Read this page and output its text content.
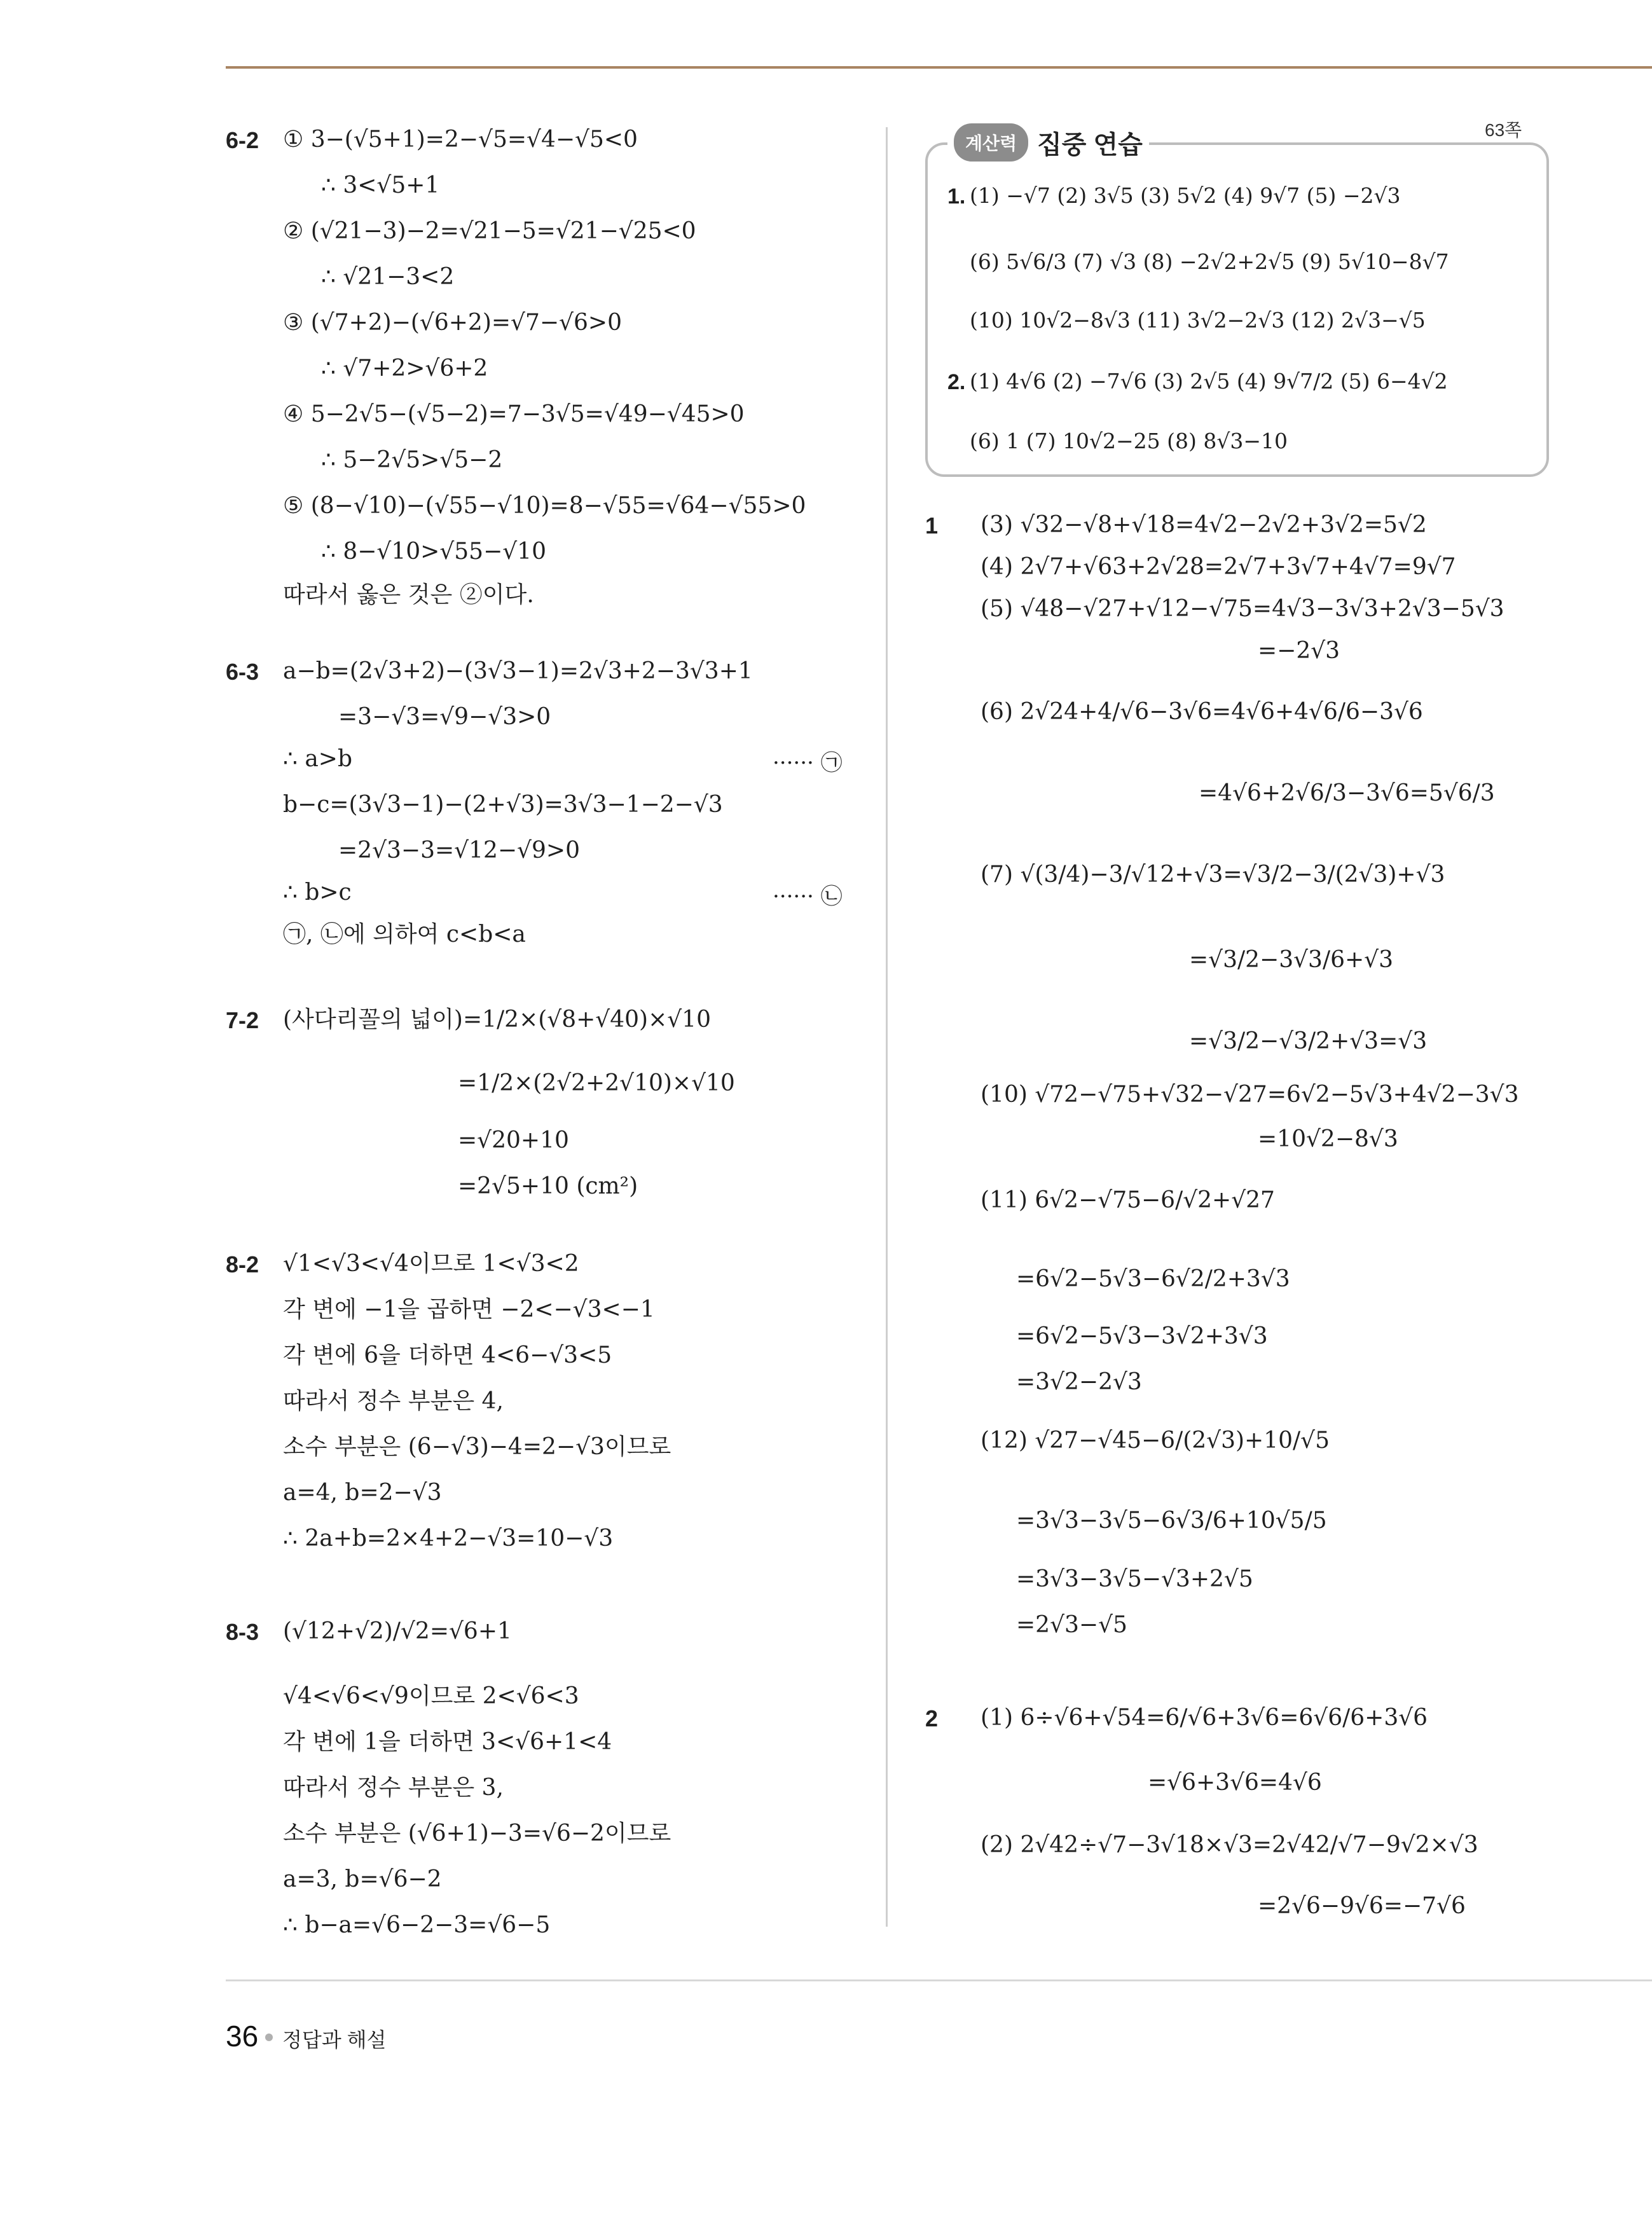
6-2 ① 3−(√5+1)=2−√5=√4−√5<0
∴ 3<√5+1
② (√21−3)−2=√21−5=√21−√25<0
∴ √21−3<2
③ (√7+2)−(√6+2)=√7−√6>0
∴ √7+2>√6+2
④ 5−2√5−(√5−2)=7−3√5=√49−√45>0
∴ 5−2√5>√5−2
⑤ (8−√10)−(√55−√10)=8−√55=√64−√55>0
∴ 8−√10>√55−√10
따라서 옳은 것은 ②이다.
6-3 a−b=(2√3+2)−(3√3−1)=2√3+2−3√3+1
=3−√3=√9−√3>0
∴ a>b	······ ㉠
b−c=(3√3−1)−(2+√3)=3√3−1−2−√3
=2√3−3=√12−√9>0
∴ b>c	······ ㉡
㉠, ㉡에 의하여 c<b<a
7-2 (사다리꼴의 넓이)=1/2×(√8+√40)×√10
=1/2×(2√2+2√10)×√10
=√20+10
=2√5+10 (cm²)
8-2 √1<√3<√4이므로 1<√3<2
각 변에 −1을 곱하면 −2<−√3<−1
각 변에 6을 더하면 4<6−√3<5
따라서 정수 부분은 4,
소수 부분은 (6−√3)−4=2−√3이므로
a=4, b=2−√3
∴ 2a+b=2×4+2−√3=10−√3
8-3 (√12+√2)/√2=√6+1
√4<√6<√9이므로 2<√6<3
각 변에 1을 더하면 3<√6+1<4
따라서 정수 부분은 3,
소수 부분은 (√6+1)−3=√6−2이므로
a=3, b=√6−2
∴ b−a=√6−2−3=√6−5
계산력 집중 연습
63쪽
1. (1) −√7 (2) 3√5 (3) 5√2 (4) 9√7 (5) −2√3
(6) 5√6/3 (7) √3 (8) −2√2+2√5 (9) 5√10−8√7
(10) 10√2−8√3 (11) 3√2−2√3 (12) 2√3−√5
2. (1) 4√6 (2) −7√6 (3) 2√5 (4) 9√7/2 (5) 6−4√2
(6) 1 (7) 10√2−25 (8) 8√3−10
1 (3) √32−√8+√18=4√2−2√2+3√2=5√2
(4) 2√7+√63+2√28=2√7+3√7+4√7=9√7
(5) √48−√27+√12−√75=4√3−3√3+2√3−5√3
=−2√3
(6) 2√24+4/√6−3√6=4√6+4√6/6−3√6
=4√6+2√6/3−3√6=5√6/3
(7) √(3/4)−3/√12+√3=√3/2−3/(2√3)+√3
=√3/2−3√3/6+√3
=√3/2−√3/2+√3=√3
(10) √72−√75+√32−√27=6√2−5√3+4√2−3√3
=10√2−8√3
(11) 6√2−√75−6/√2+√27
=6√2−5√3−6√2/2+3√3
=6√2−5√3−3√2+3√3
=3√2−2√3
(12) √27−√45−6/(2√3)+10/√5
=3√3−3√5−6√3/6+10√5/5
=3√3−3√5−√3+2√5
=2√3−√5
2 (1) 6÷√6+√54=6/√6+3√6=6√6/6+3√6
=√6+3√6=4√6
(2) 2√42÷√7−3√18×√3=2√42/√7−9√2×√3
=2√6−9√6=−7√6
36 정답과 해설
